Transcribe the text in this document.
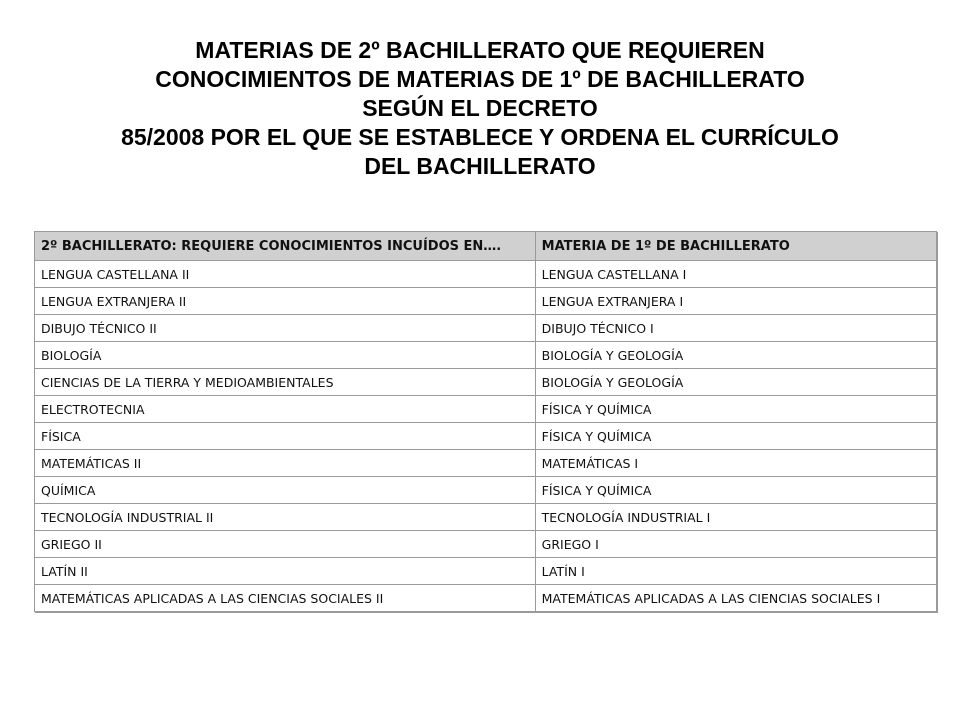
MATERIAS DE 2º BACHILLERATO QUE REQUIEREN
CONOCIMIENTOS DE MATERIAS DE 1º DE BACHILLERATO
SEGÚN EL DECRETO
85/2008 POR EL QUE SE ESTABLECE Y ORDENA EL CURRÍCULO
DEL BACHILLERATO
2º BACHILLERATO: REQUIERE CONOCIMIENTOS INCUÍDOS EN….	MATERIA DE 1º DE BACHILLERATO
LENGUA CASTELLANA II	LENGUA CASTELLANA I
LENGUA EXTRANJERA II	LENGUA EXTRANJERA I
DIBUJO TÉCNICO II	DIBUJO TÉCNICO I
BIOLOGÍA	BIOLOGÍA Y GEOLOGÍA
CIENCIAS DE LA TIERRA Y MEDIOAMBIENTALES	BIOLOGÍA Y GEOLOGÍA
ELECTROTECNIA	FÍSICA Y QUÍMICA
FÍSICA	FÍSICA Y QUÍMICA
MATEMÁTICAS II	MATEMÁTICAS I
QUÍMICA	FÍSICA Y QUÍMICA
TECNOLOGÍA INDUSTRIAL II	TECNOLOGÍA INDUSTRIAL I
GRIEGO II	GRIEGO I
LATÍN II	LATÍN I
MATEMÁTICAS APLICADAS A LAS CIENCIAS SOCIALES II	MATEMÁTICAS APLICADAS A LAS CIENCIAS SOCIALES I
